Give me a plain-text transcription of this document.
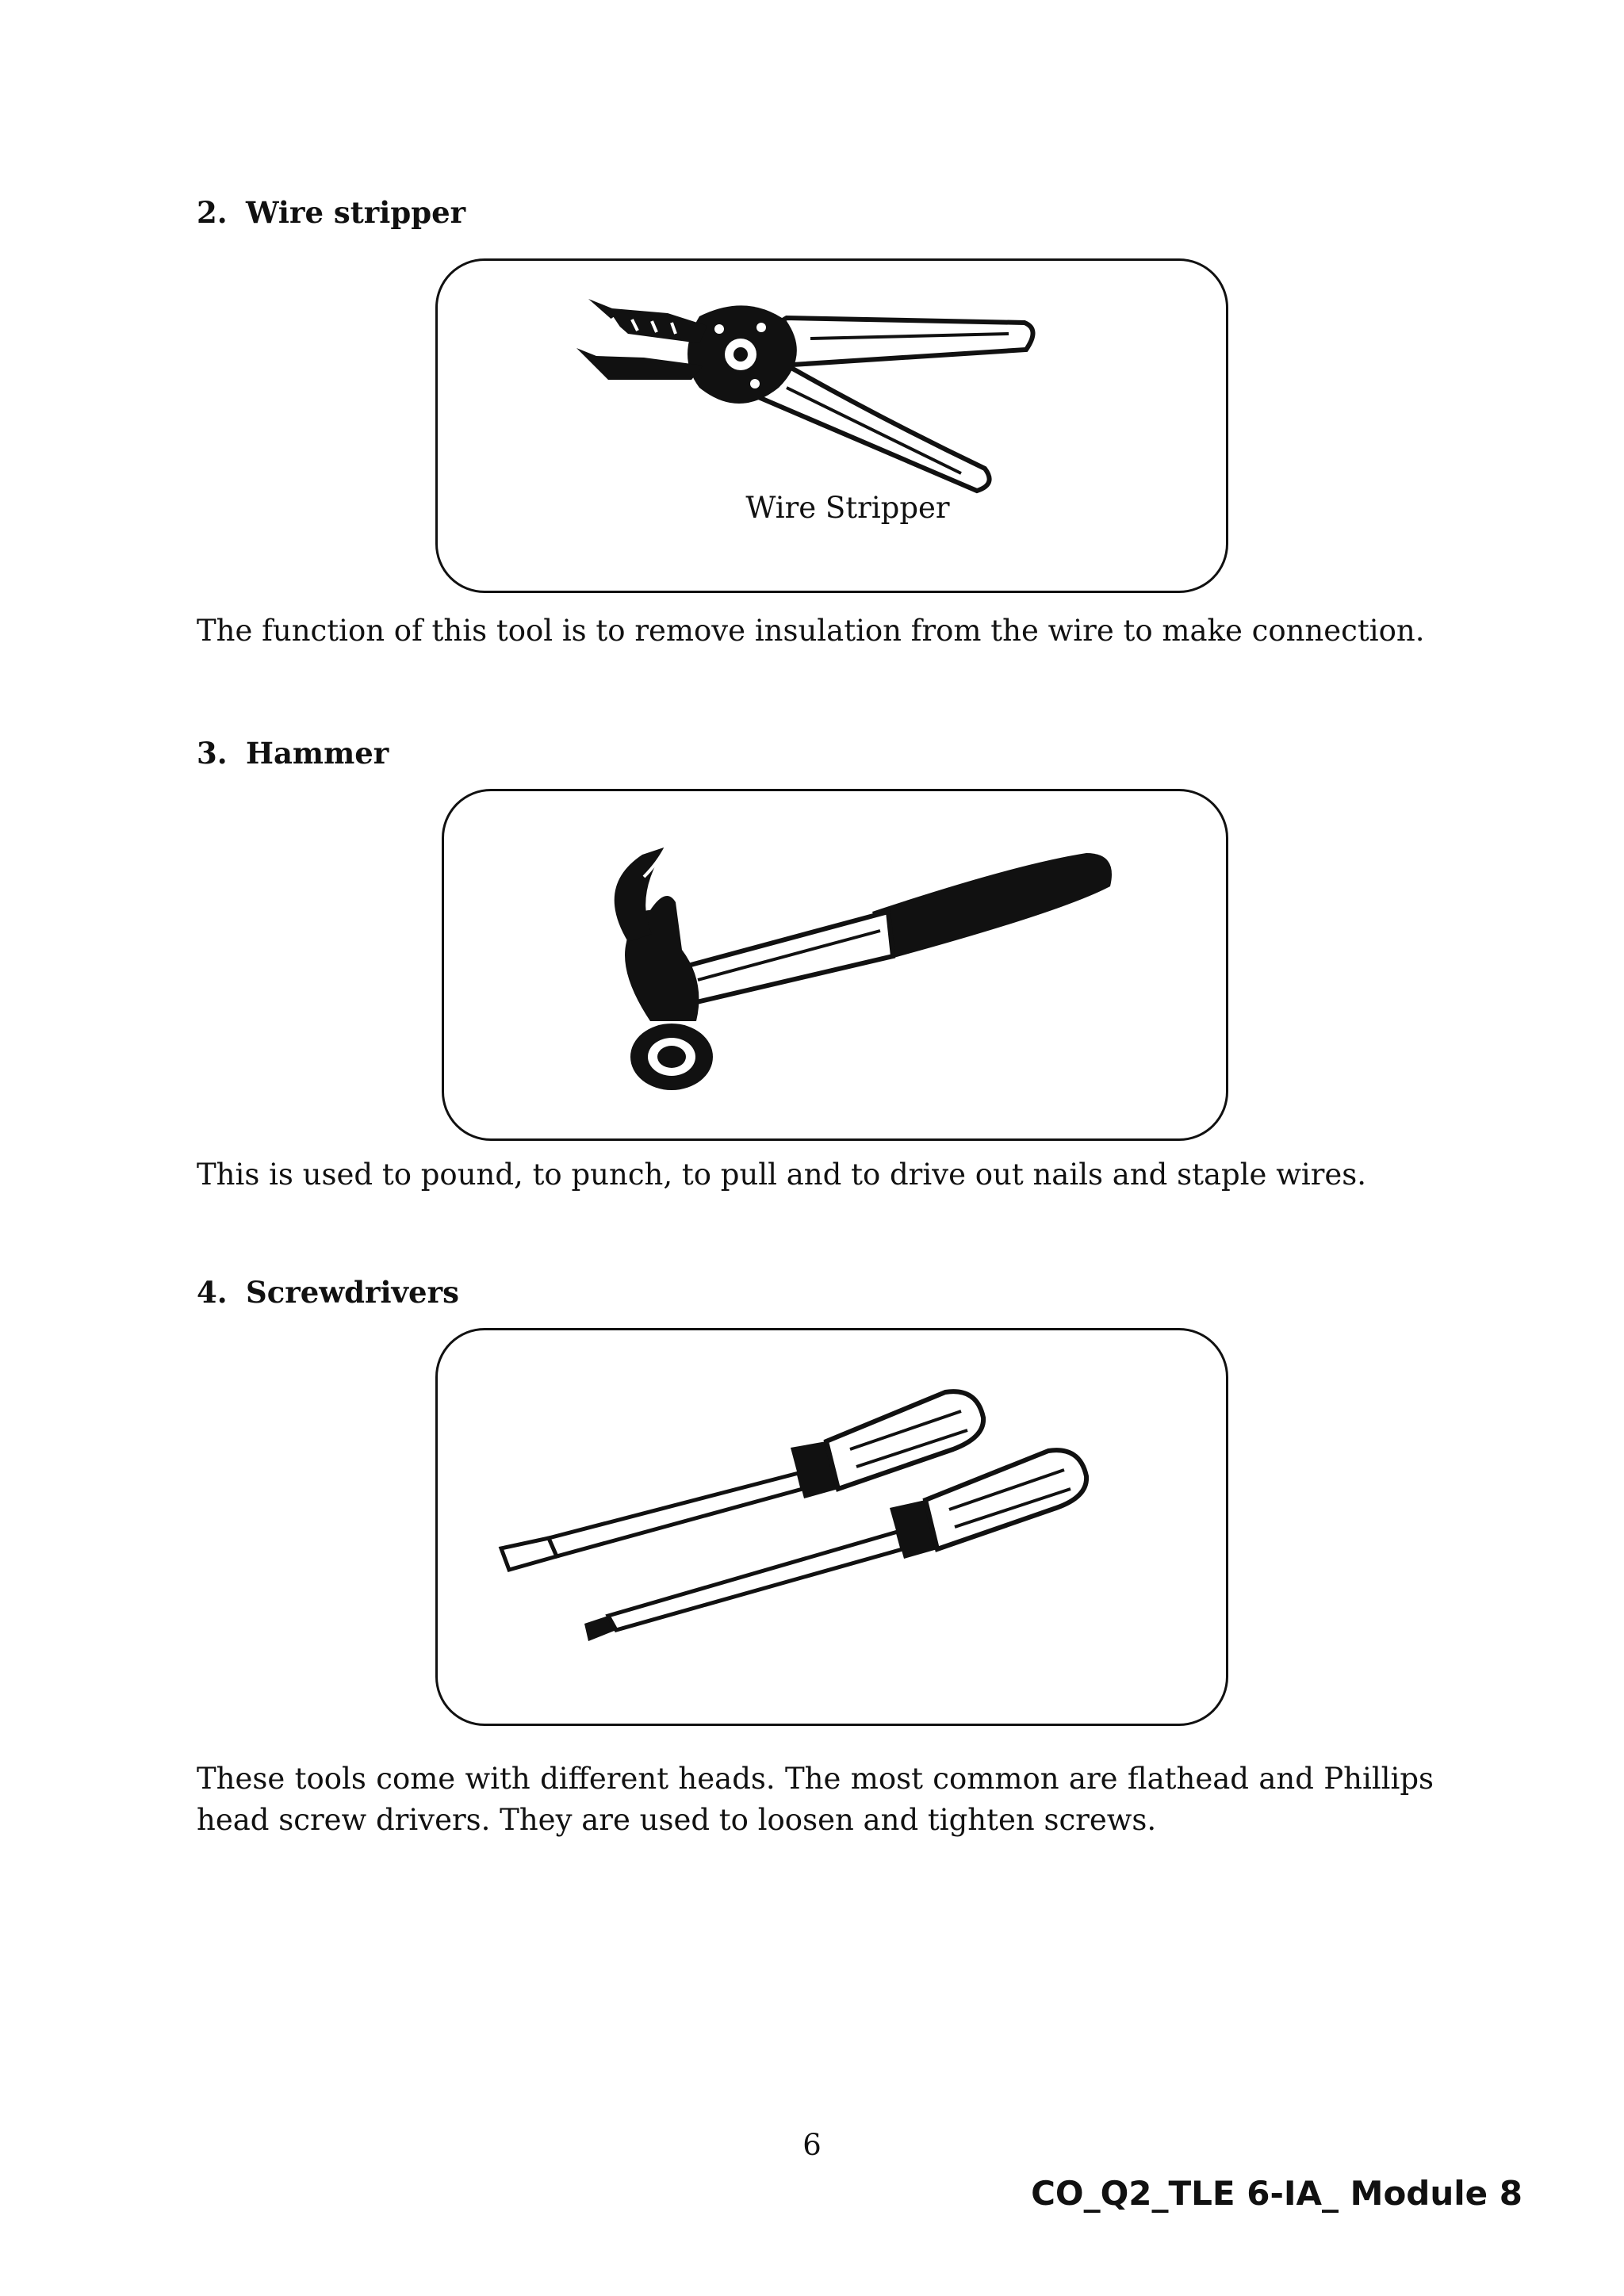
2. Wire stripper

Wire Stripper

The function of this tool is to remove insulation from the wire to make connection.

3. Hammer

This is used to pound, to punch, to pull and to drive out nails and staple wires.

4. Screwdrivers

These tools come with different heads. The most common are flathead and Phillips head screw drivers. They are used to loosen and tighten screws.

6

CO_Q2_TLE 6-IA_ Module 8
